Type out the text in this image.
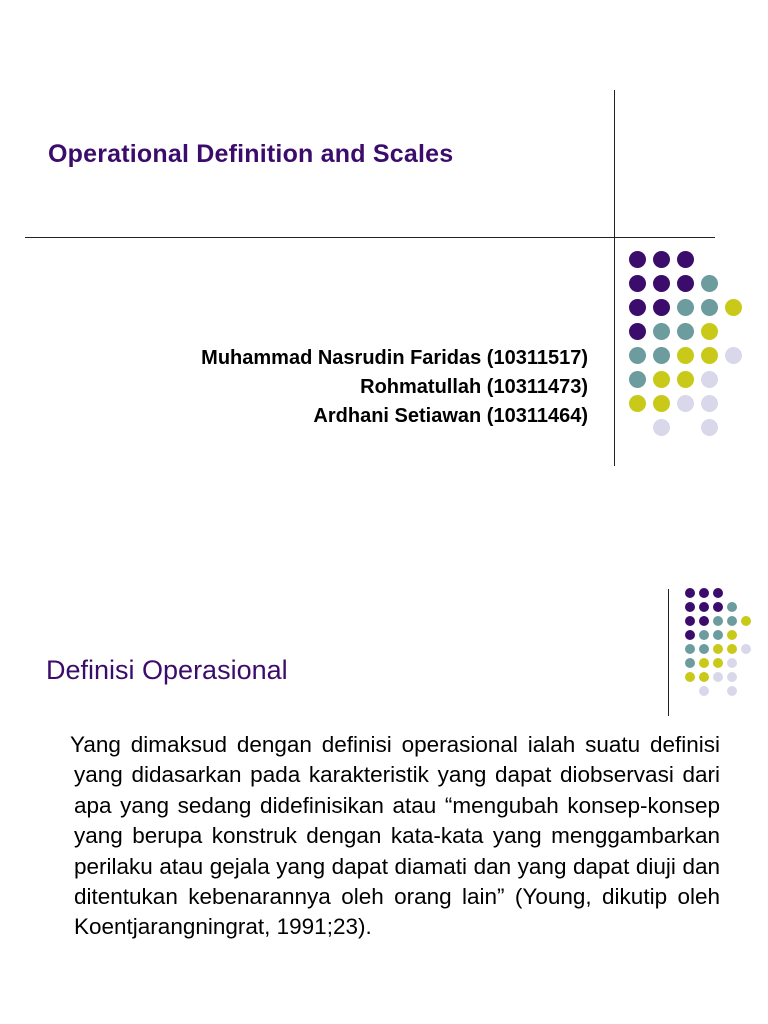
Operational Definition and Scales
Muhammad Nasrudin Faridas (10311517)
Rohmatullah (10311473)
Ardhani Setiawan (10311464)
Definisi Operasional
Yang dimaksud dengan definisi operasional ialah suatu definisi yang didasarkan pada karakteristik yang dapat diobservasi dari apa yang sedang didefinisikan atau “mengubah konsep-konsep yang berupa konstruk dengan kata-kata yang menggambarkan perilaku atau gejala yang dapat diamati dan yang dapat diuji dan ditentukan kebenarannya oleh orang lain” (Young, dikutip oleh Koentjarangningrat, 1991;23).
